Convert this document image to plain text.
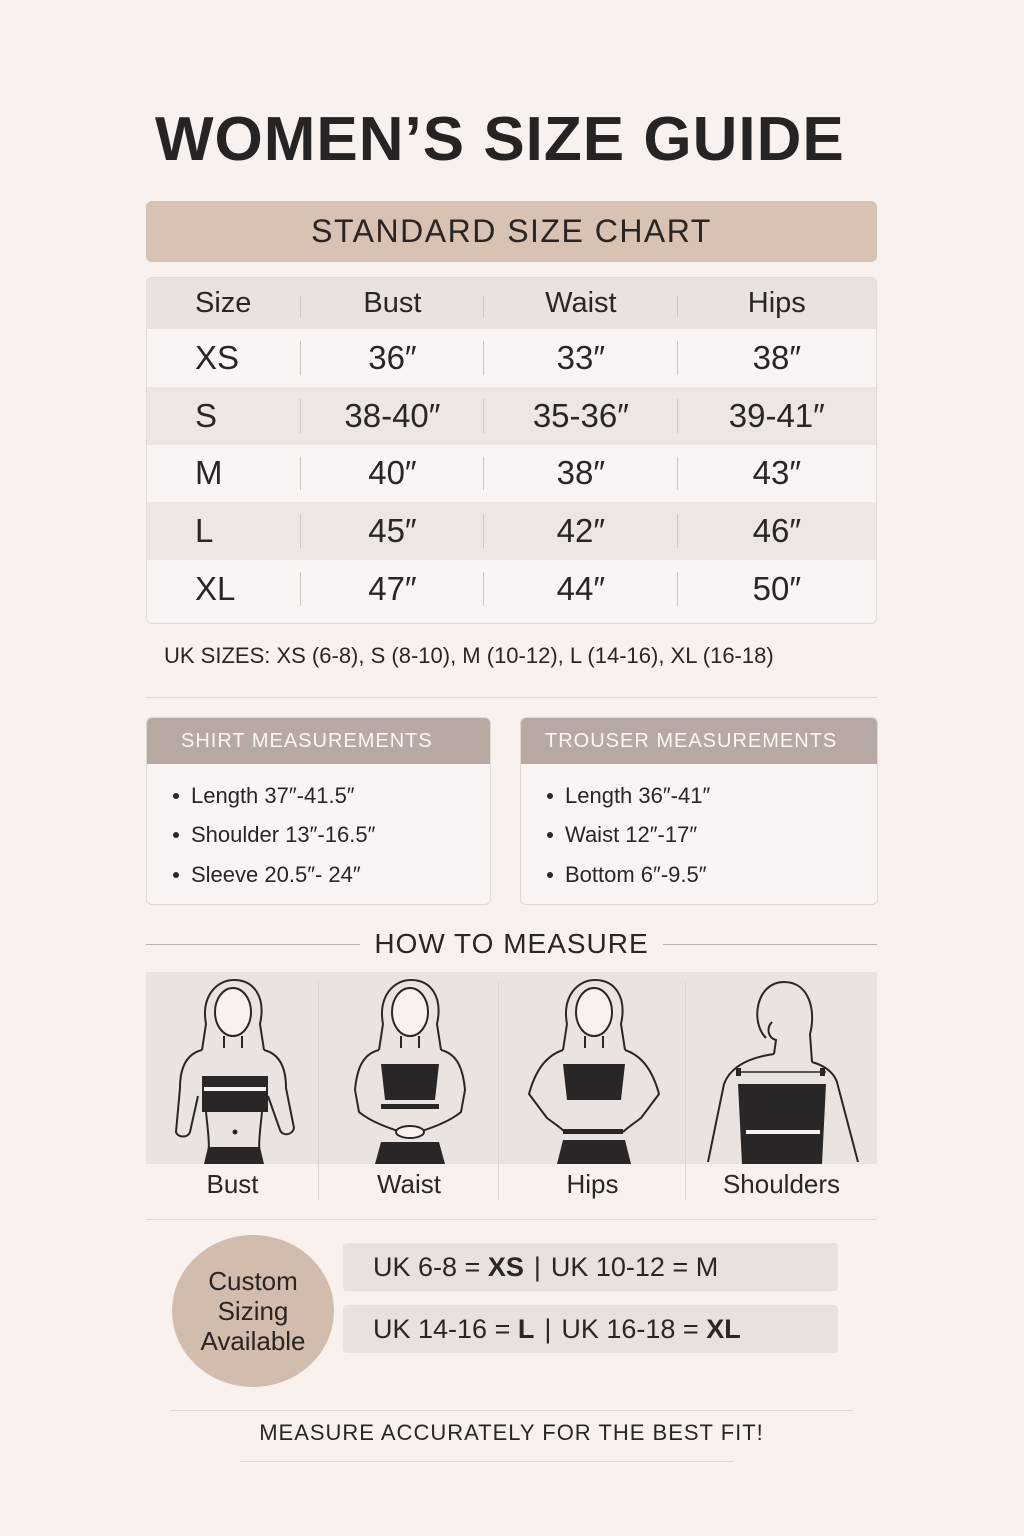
WOMEN’S SIZE GUIDE
STANDARD SIZE CHART
Size	Bust	Waist	Hips
XS	36″	33″	38″
S	38-40″	35-36″	39-41″
M	40″	38″	43″
L	45″	42″	46″
XL	47″	44″	50″
UK SIZES: XS (6-8), S (8-10), M (10-12), L (14-16), XL (16-18)
SHIRT MEASUREMENTS
Length 37″-41.5″
Shoulder 13″-16.5″
Sleeve 20.5″- 24″
TROUSER MEASUREMENTS
Length 36″-41″
Waist 12″-17″
Bottom 6″-9.5″
HOW TO MEASURE
Bust	Waist	Hips	Shoulders
Custom
Sizing
Available
UK 6-8 = XS | UK 10-12 = M
UK 14-16 = L | UK 16-18 = XL
MEASURE ACCURATELY FOR THE BEST FIT!
